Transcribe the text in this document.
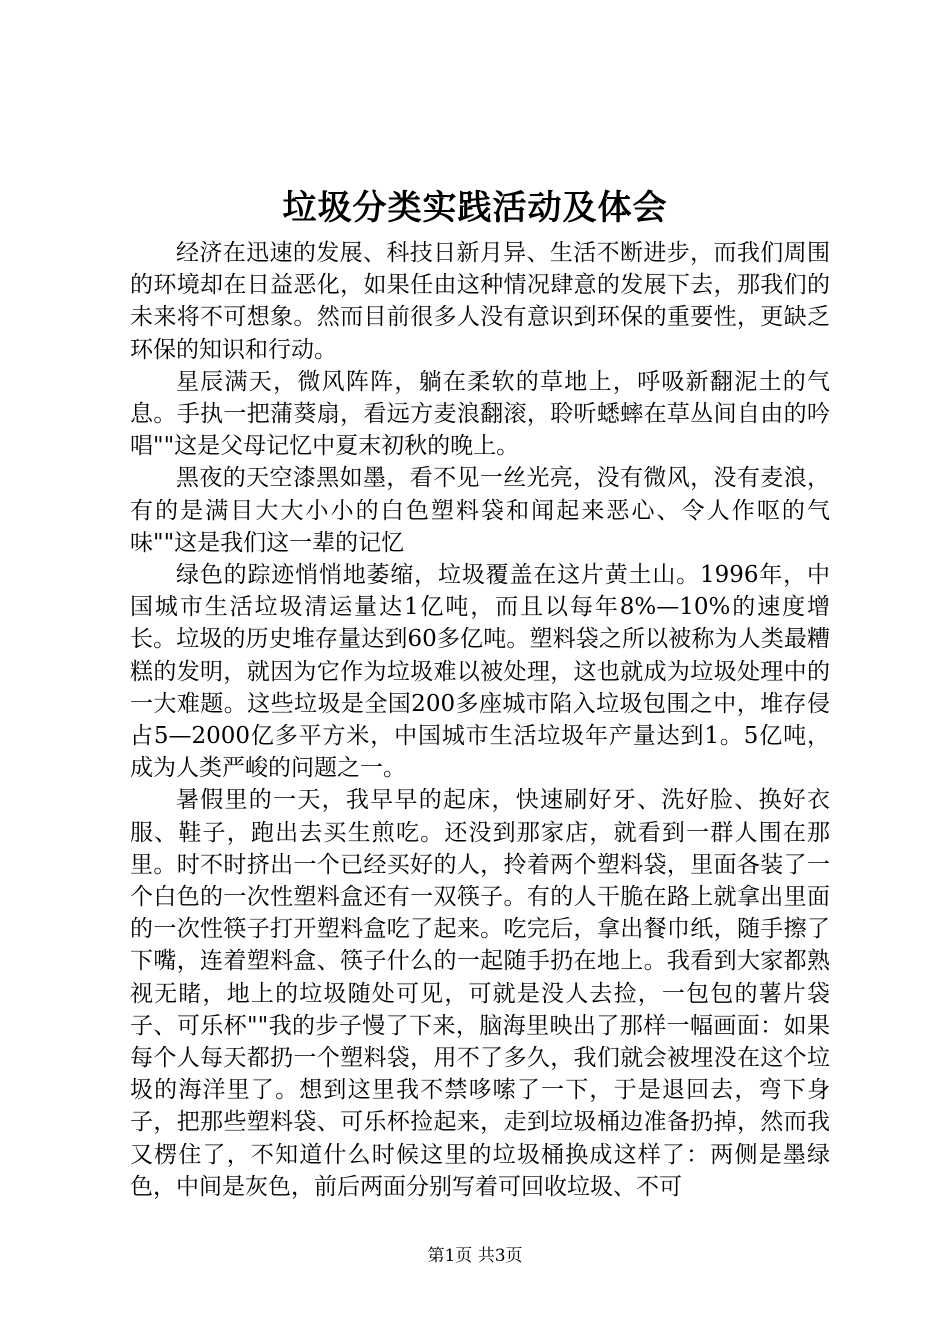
垃圾分类实践活动及体会

经济在迅速的发展、科技日新月异、生活不断进步，而我们周围的环境却在日益恶化，如果任由这种情况肆意的发展下去，那我们的未来将不可想象。然而目前很多人没有意识到环保的重要性，更缺乏环保的知识和行动。

星辰满天，微风阵阵，躺在柔软的草地上，呼吸新翻泥土的气息。手执一把蒲葵扇，看远方麦浪翻滚，聆听蟋蟀在草丛间自由的吟唱""这是父母记忆中夏末初秋的晚上。

黑夜的天空漆黑如墨，看不见一丝光亮，没有微风，没有麦浪，有的是满目大大小小的白色塑料袋和闻起来恶心、令人作呕的气味""这是我们这一辈的记忆

绿色的踪迹悄悄地萎缩，垃圾覆盖在这片黄土山。1996年，中国城市生活垃圾清运量达1亿吨，而且以每年8%—10%的速度增长。垃圾的历史堆存量达到60多亿吨。塑料袋之所以被称为人类最糟糕的发明，就因为它作为垃圾难以被处理，这也就成为垃圾处理中的一大难题。这些垃圾是全国200多座城市陷入垃圾包围之中，堆存侵占5—2000亿多平方米，中国城市生活垃圾年产量达到1。5亿吨，成为人类严峻的问题之一。

暑假里的一天，我早早的起床，快速刷好牙、洗好脸、换好衣服、鞋子，跑出去买生煎吃。还没到那家店，就看到一群人围在那里。时不时挤出一个已经买好的人，拎着两个塑料袋，里面各装了一个白色的一次性塑料盒还有一双筷子。有的人干脆在路上就拿出里面的一次性筷子打开塑料盒吃了起来。吃完后，拿出餐巾纸，随手擦了下嘴，连着塑料盒、筷子什么的一起随手扔在地上。我看到大家都熟视无睹，地上的垃圾随处可见，可就是没人去捡，一包包的薯片袋子、可乐杯""我的步子慢了下来，脑海里映出了那样一幅画面：如果每个人每天都扔一个塑料袋，用不了多久，我们就会被埋没在这个垃圾的海洋里了。想到这里我不禁哆嗦了一下，于是退回去，弯下身子，把那些塑料袋、可乐杯捡起来，走到垃圾桶边准备扔掉，然而我又楞住了，不知道什么时候这里的垃圾桶换成这样了：两侧是墨绿色，中间是灰色，前后两面分别写着可回收垃圾、不可

第1页 共3页
